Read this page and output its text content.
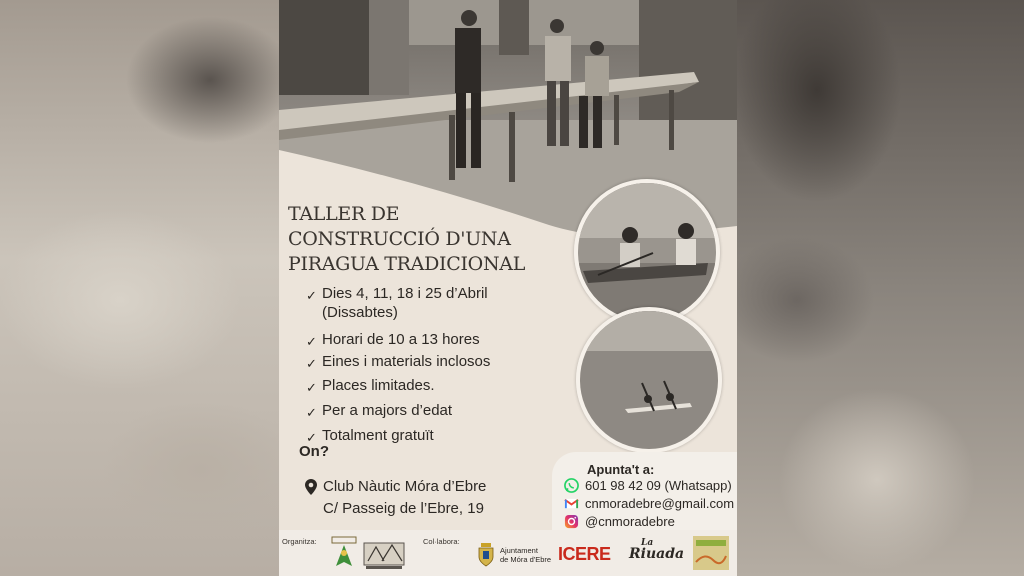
TALLER DE
CONSTRUCCIÓ D'UNA
PIRAGUA TRADICIONAL
✓ Dies 4, 11, 18 i 25 d’Abril
(Dissabtes)
✓ Horari de 10 a 13 hores
✓ Eines i materials inclosos
✓ Places limitades.
✓ Per a majors d’edat
✓ Totalment gratuït

On?

Club Nàutic Móra d’Ebre
C/ Passeig de l’Ebre, 19

Apunta't a:

601 98 42 09 (Whatsapp)
cnmoradebre@gmail.com
@cnmoradebre
Organitza:	Col·labora:
Ajuntament
de Móra d'Ebre ICERE
La
Riuada
